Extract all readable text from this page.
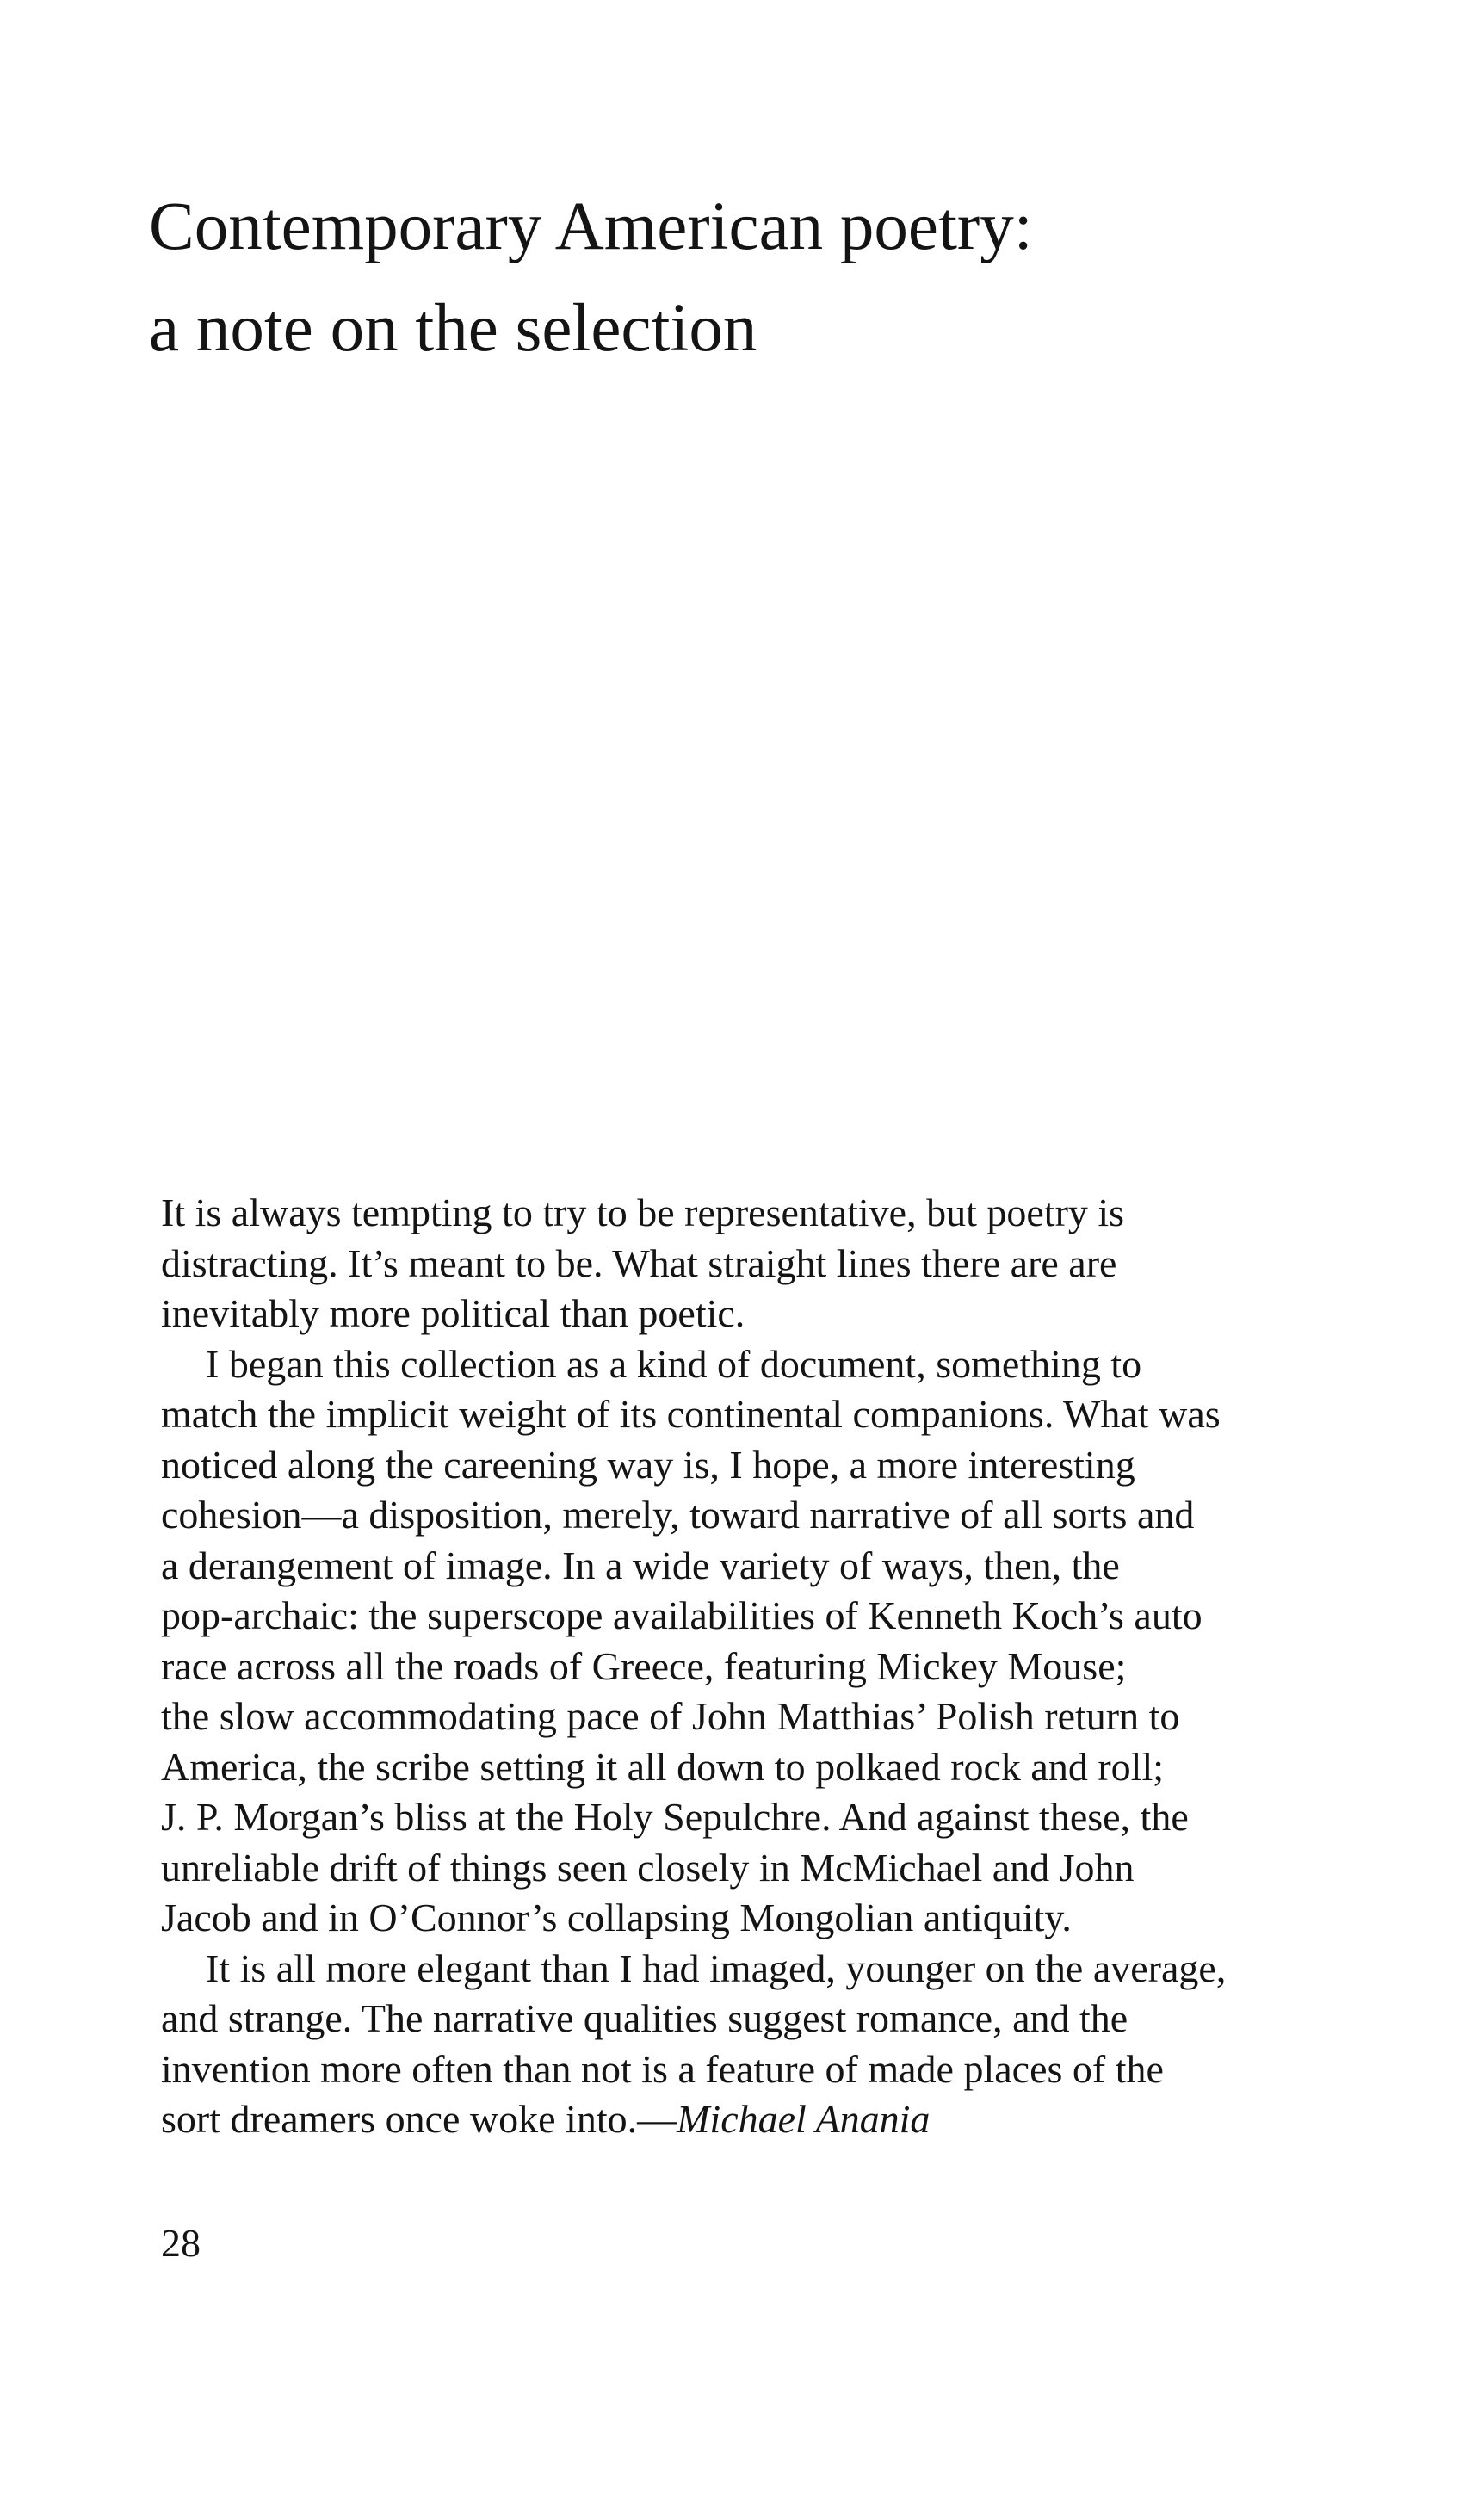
Contemporary American poetry:
a note on the selection

It is always tempting to try to be representative, but poetry is
distracting. It’s meant to be. What straight lines there are are
inevitably more political than poetic.

I began this collection as a kind of document, something to
match the implicit weight of its continental companions. What was
noticed along the careening way is, I hope, a more interesting
cohesion—a disposition, merely, toward narrative of all sorts and
a derangement of image. In a wide variety of ways, then, the
pop-archaic: the superscope availabilities of Kenneth Koch’s auto
race across all the roads of Greece, featuring Mickey Mouse;
the slow accommodating pace of John Matthias’ Polish return to
America, the scribe setting it all down to polkaed rock and roll;
J. P. Morgan’s bliss at the Holy Sepulchre. And against these, the
unreliable drift of things seen closely in McMichael and John
Jacob and in O’Connor’s collapsing Mongolian antiquity.

It is all more elegant than I had imaged, younger on the average,
and strange. The narrative qualities suggest romance, and the
invention more often than not is a feature of made places of the
sort dreamers once woke into.—Michael Anania

28
